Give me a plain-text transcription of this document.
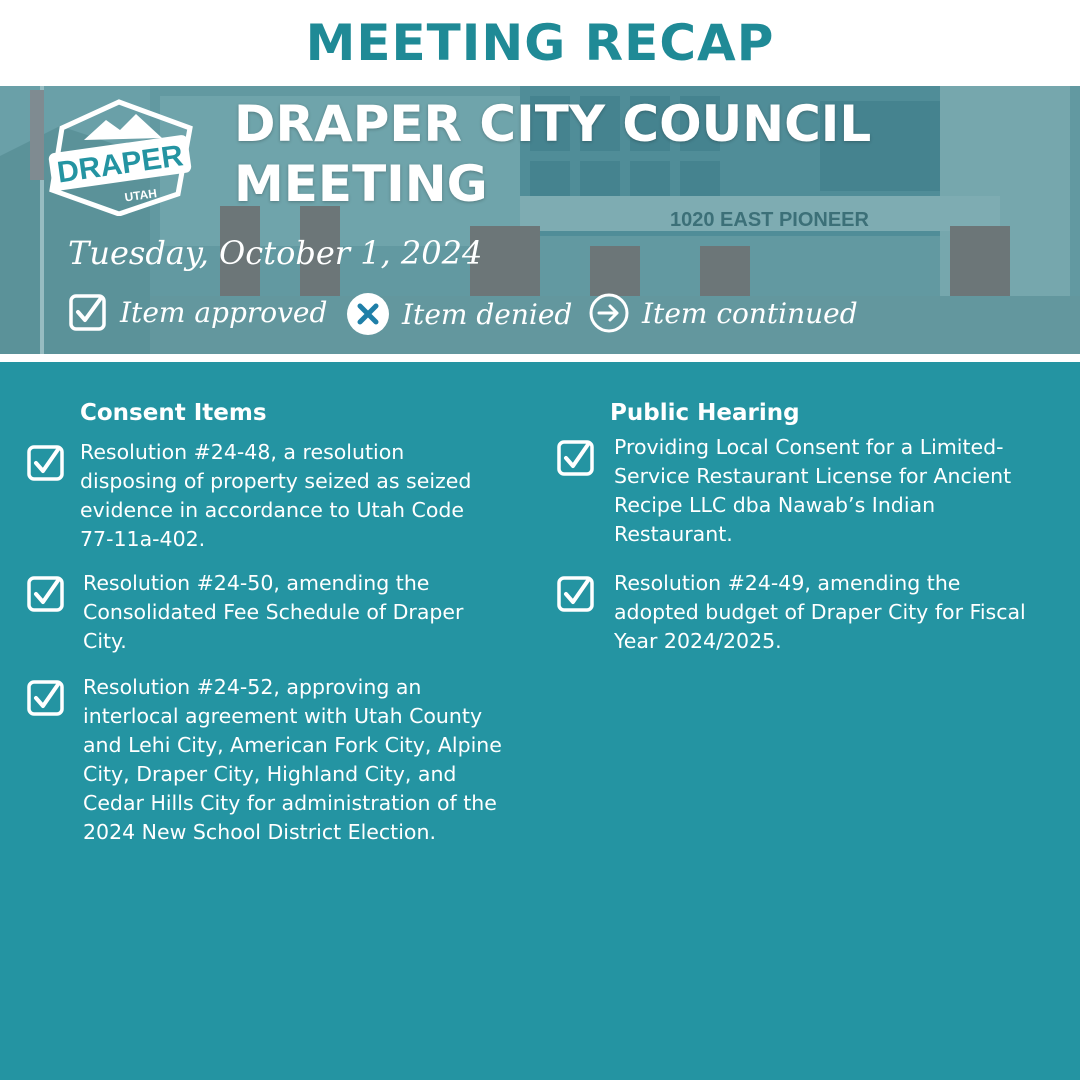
MEETING RECAP
1020 EAST PIONEER
DRAPER
UTAH
DRAPER CITY COUNCIL
MEETING
Tuesday, October 1, 2024
Item approved	Item denied Item continued
Consent Items
Resolution #24-48, a resolution disposing of property seized as seized evidence in accordance to Utah Code 77-11a-402.
Resolution #24-50, amending the Consolidated Fee Schedule of Draper City.
Resolution #24-52, approving an interlocal agreement with Utah County and Lehi City, American Fork City, Alpine City, Draper City, Highland City, and Cedar Hills City for administration of the 2024 New School District Election.
Public Hearing
Providing Local Consent for a Limited-Service Restaurant License for Ancient Recipe LLC dba Nawab’s Indian Restaurant.
Resolution #24-49, amending the adopted budget of Draper City for Fiscal Year 2024/2025.
